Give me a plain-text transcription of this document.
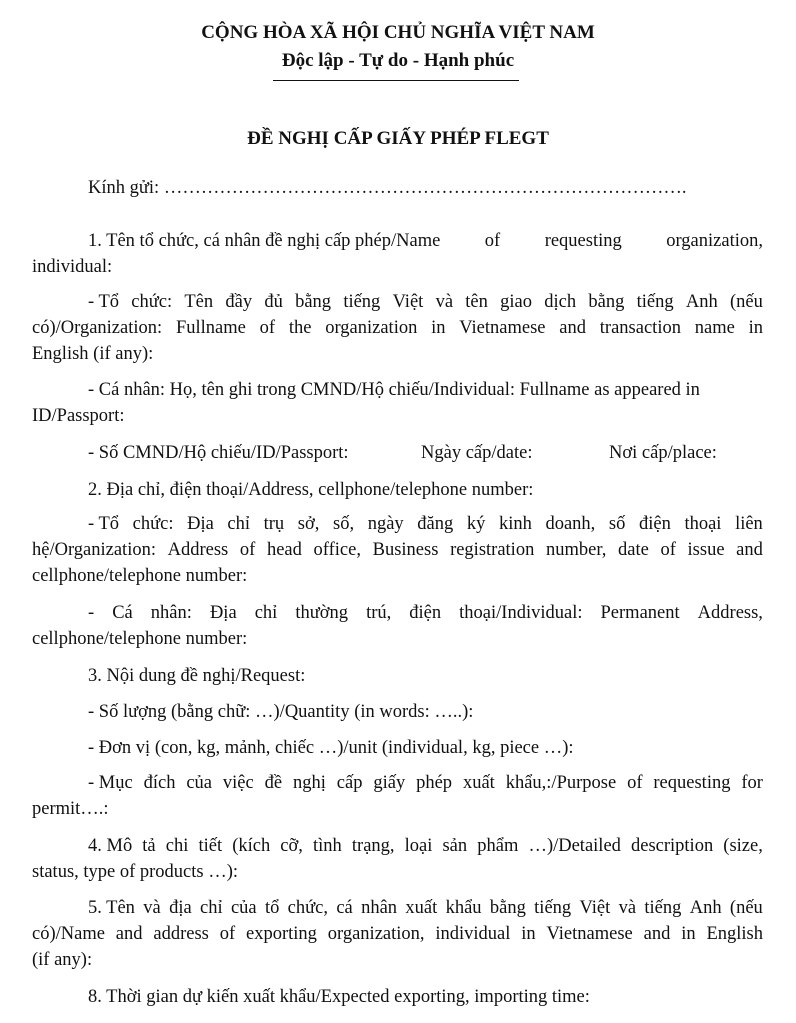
CỘNG HÒA XÃ HỘI CHỦ NGHĨA VIỆT NAM
Độc lập - Tự do - Hạnh phúc
ĐỀ NGHỊ CẤP GIẤY PHÉP FLEGT
Kính gửi: ………………………………………………………………………….
1. Tên tổ chức, cá nhân đề nghị cấp phép/Name of requesting organization,
individual:
- Tổ chức: Tên đầy đủ bằng tiếng Việt và tên giao dịch bằng tiếng Anh (nếu
có)/Organization: Fullname of the organization in Vietnamese and transaction name in
English (if any):
- Cá nhân: Họ, tên ghi trong CMND/Hộ chiếu/Individual: Fullname as appeared in
ID/Passport:
- Số CMND/Hộ chiếu/ID/Passport:	Ngày cấp/date:	Nơi cấp/place:
2. Địa chỉ, điện thoại/Address, cellphone/telephone number:
- Tổ chức: Địa chỉ trụ sở, số, ngày đăng ký kinh doanh, số điện thoại liên
hệ/Organization: Address of head office, Business registration number, date of issue and
cellphone/telephone number:
- Cá nhân: Địa chỉ thường trú, điện thoại/Individual: Permanent Address,
cellphone/telephone number:
3. Nội dung đề nghị/Request:
- Số lượng (bằng chữ: …)/Quantity (in words: …..):
- Đơn vị (con, kg, mảnh, chiếc …)/unit (individual, kg, piece …):
- Mục đích của việc đề nghị cấp giấy phép xuất khẩu,:/Purpose of requesting for
permit….:
4. Mô tả chi tiết (kích cỡ, tình trạng, loại sản phẩm …)/Detailed description (size,
status, type of products …):
5. Tên và địa chỉ của tổ chức, cá nhân xuất khẩu bằng tiếng Việt và tiếng Anh (nếu
có)/Name and address of exporting organization, individual in Vietnamese and in English
(if any):
8. Thời gian dự kiến xuất khẩu/Expected exporting, importing time:
